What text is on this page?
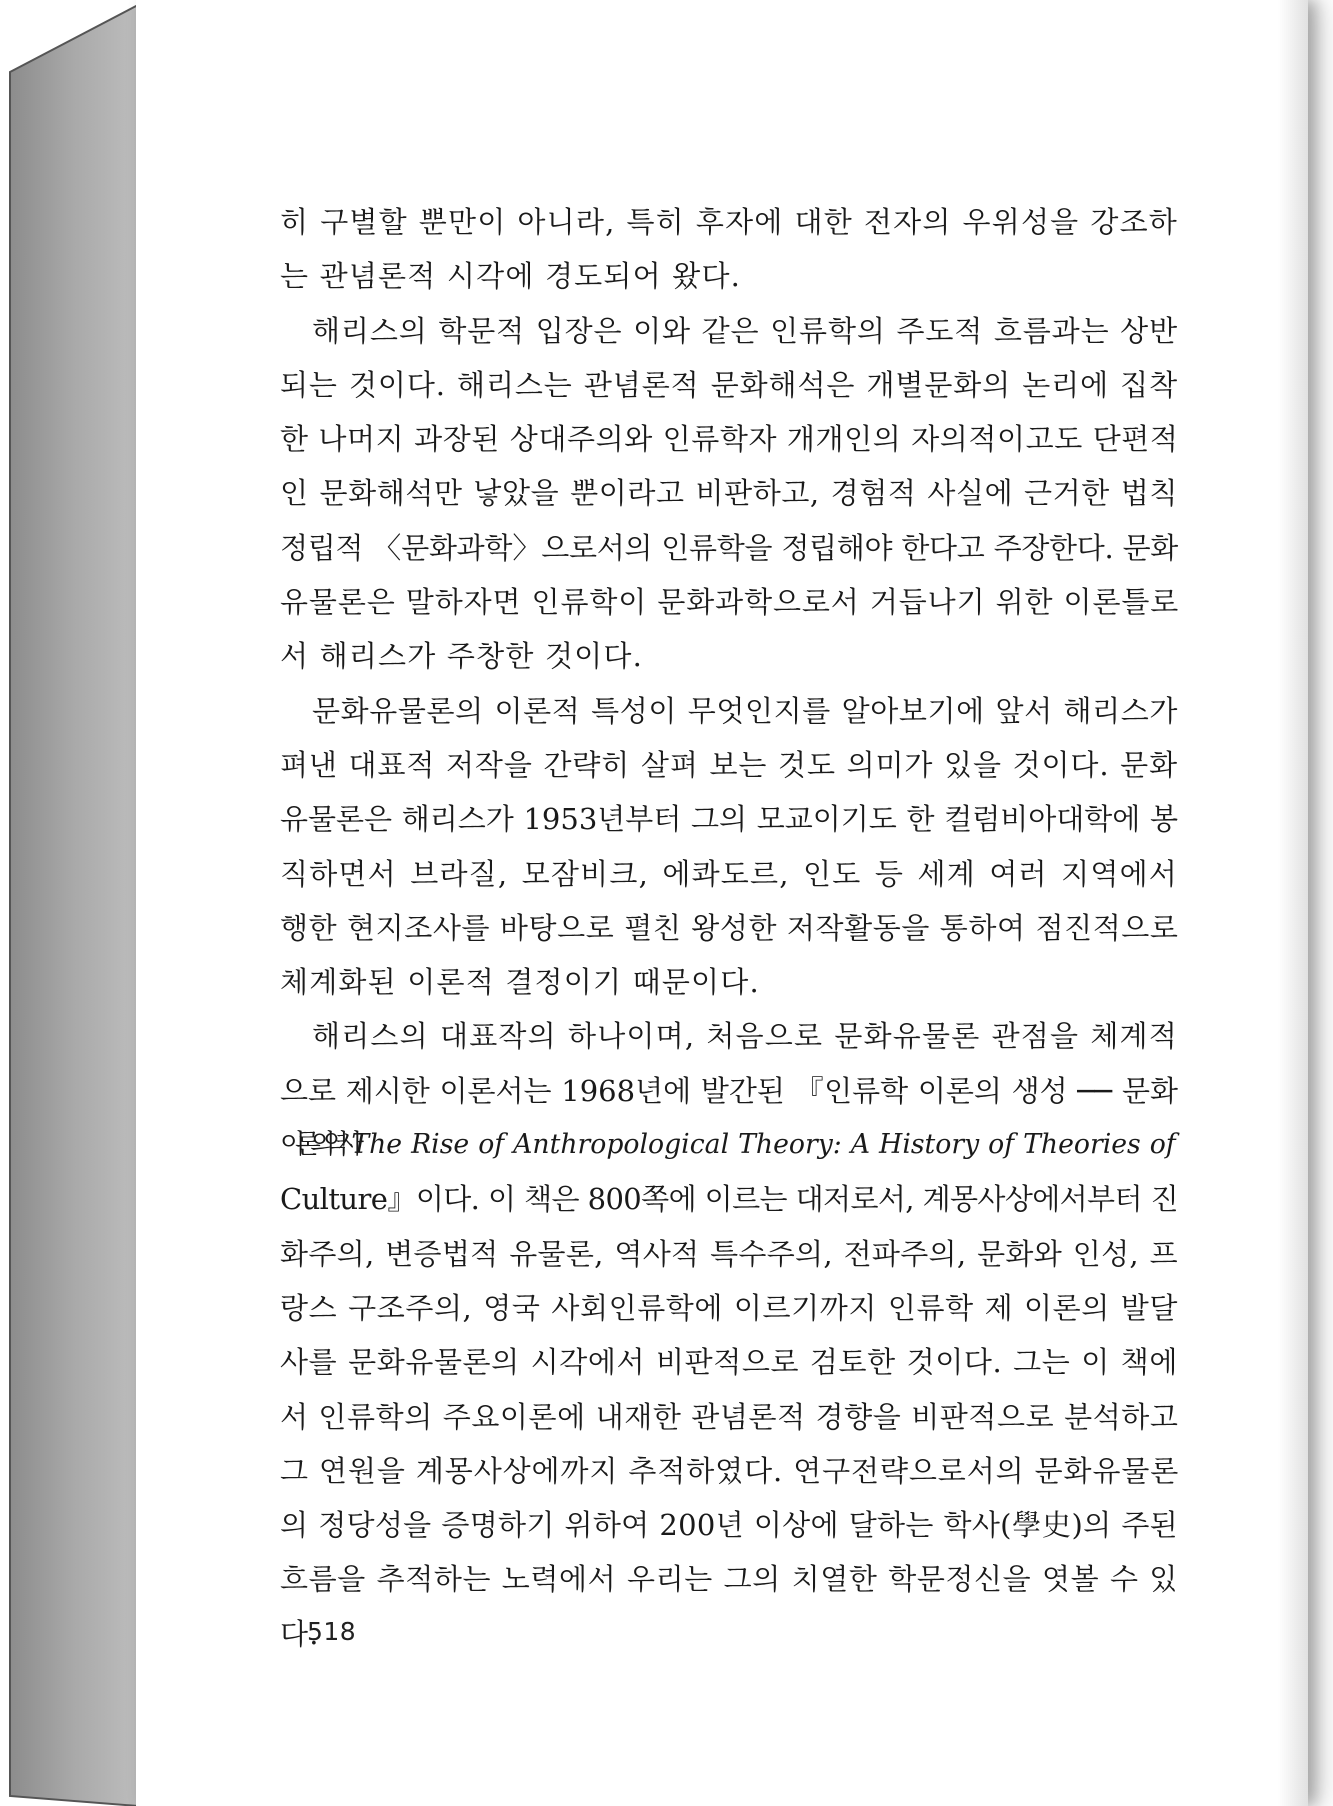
히 구별할 뿐만이 아니라, 특히 후자에 대한 전자의 우위성을 강조하
는 관념론적 시각에 경도되어 왔다.
해리스의 학문적 입장은 이와 같은 인류학의 주도적 흐름과는 상반
되는 것이다. 해리스는 관념론적 문화해석은 개별문화의 논리에 집착
한 나머지 과장된 상대주의와 인류학자 개개인의 자의적이고도 단편적
인 문화해석만 낳았을 뿐이라고 비판하고, 경험적 사실에 근거한 법칙
정립적 〈문화과학〉으로서의 인류학을 정립해야 한다고 주장한다. 문화
유물론은 말하자면 인류학이 문화과학으로서 거듭나기 위한 이론틀로
서 해리스가 주창한 것이다.
문화유물론의 이론적 특성이 무엇인지를 알아보기에 앞서 해리스가
펴낸 대표적 저작을 간략히 살펴 보는 것도 의미가 있을 것이다. 문화
유물론은 해리스가 1953년부터 그의 모교이기도 한 컬럼비아대학에 봉
직하면서 브라질, 모잠비크, 에콰도르, 인도 등 세계 여러 지역에서
행한 현지조사를 바탕으로 펼친 왕성한 저작활동을 통하여 점진적으로
체계화된 이론적 결정이기 때문이다.
해리스의 대표작의 하나이며, 처음으로 문화유물론 관점을 체계적
으로 제시한 이론서는 1968년에 발간된 『인류학 이론의 생성 ── 문화
이론의 역사 The Rise of Anthropological Theory: A History of Theories of
Culture』이다. 이 책은 800쪽에 이르는 대저로서, 계몽사상에서부터 진
화주의, 변증법적 유물론, 역사적 특수주의, 전파주의, 문화와 인성, 프
랑스 구조주의, 영국 사회인류학에 이르기까지 인류학 제 이론의 발달
사를 문화유물론의 시각에서 비판적으로 검토한 것이다. 그는 이 책에
서 인류학의 주요이론에 내재한 관념론적 경향을 비판적으로 분석하고
그 연원을 계몽사상에까지 추적하였다. 연구전략으로서의 문화유물론
의 정당성을 증명하기 위하여 200년 이상에 달하는 학사(學史)의 주된
흐름을 추적하는 노력에서 우리는 그의 치열한 학문정신을 엿볼 수 있
다.
518
